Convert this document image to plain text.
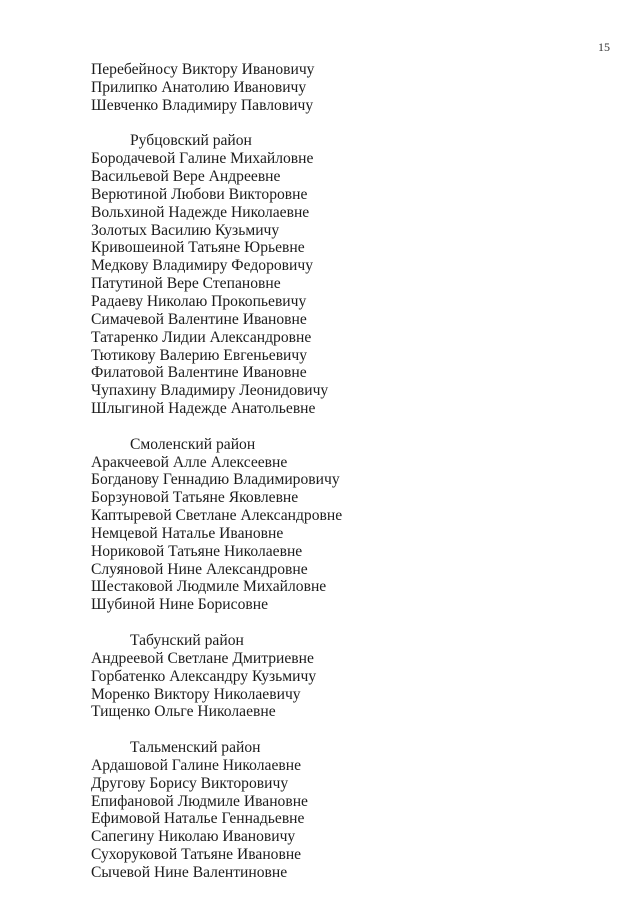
15
Перебейносу Виктору Ивановичу
Прилипко Анатолию Ивановичу
Шевченко Владимиру Павловичу
Рубцовский район
Бородачевой Галине Михайловне
Васильевой Вере Андреевне
Верютиной Любови Викторовне
Вольхиной Надежде Николаевне
Золотых Василию Кузьмичу
Кривошеиной Татьяне Юрьевне
Медкову Владимиру Федоровичу
Патутиной Вере Степановне
Радаеву Николаю Прокопьевичу
Симачевой Валентине Ивановне
Татаренко Лидии Александровне
Тютикову Валерию Евгеньевичу
Филатовой Валентине Ивановне
Чупахину Владимиру Леонидовичу
Шлыгиной Надежде Анатольевне
Смоленский район
Аракчеевой Алле Алексеевне
Богданову Геннадию Владимировичу
Борзуновой Татьяне Яковлевне
Каптыревой Светлане Александровне
Немцевой Наталье Ивановне
Нориковой Татьяне Николаевне
Слуяновой Нине Александровне
Шестаковой Людмиле Михайловне
Шубиной Нине Борисовне
Табунский район
Андреевой Светлане Дмитриевне
Горбатенко Александру Кузьмичу
Моренко Виктору Николаевичу
Тищенко Ольге Николаевне
Тальменский район
Ардашовой Галине Николаевне
Другову Борису Викторовичу
Епифановой Людмиле Ивановне
Ефимовой Наталье Геннадьевне
Сапегину Николаю Ивановичу
Сухоруковой Татьяне Ивановне
Сычевой Нине Валентиновне
